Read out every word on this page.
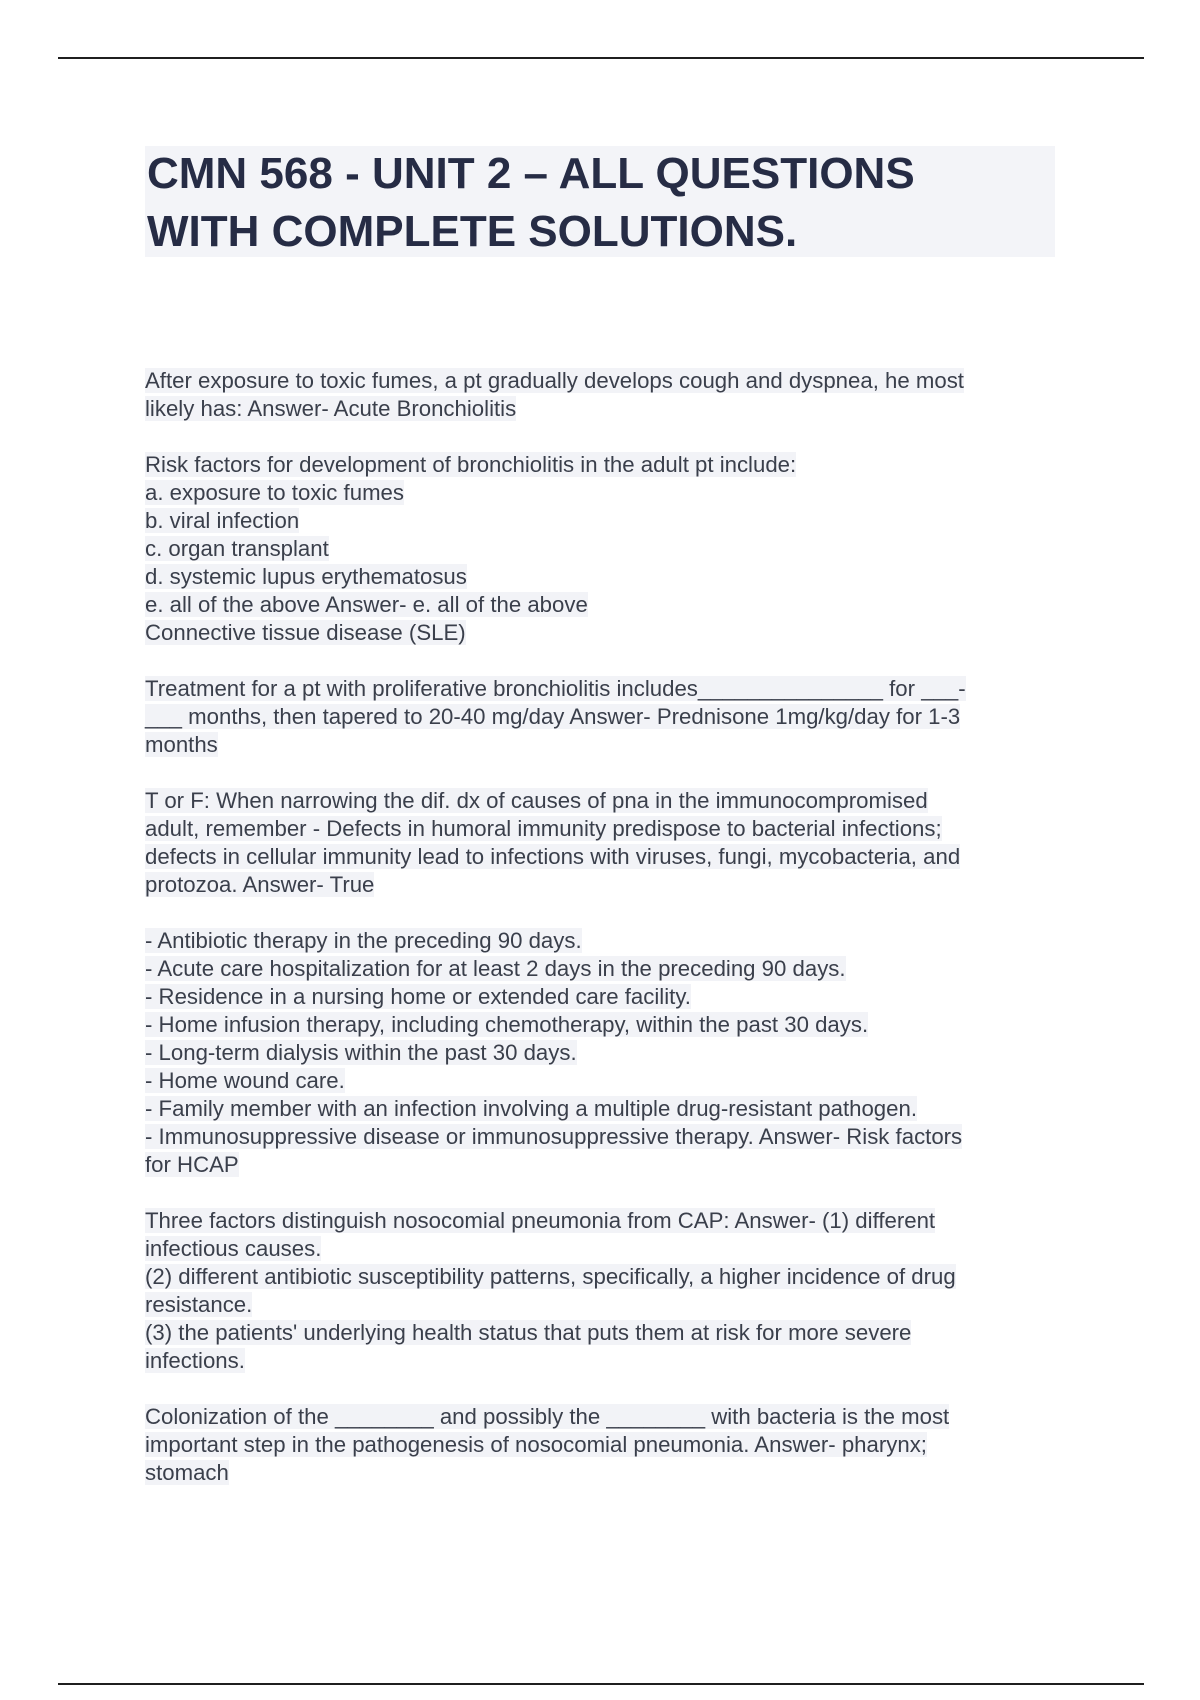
CMN 568 - UNIT 2 – ALL QUESTIONS
WITH COMPLETE SOLUTIONS.
After exposure to toxic fumes, a pt gradually develops cough and dyspnea, he most
likely has: Answer- Acute Bronchiolitis
Risk factors for development of bronchiolitis in the adult pt include:
a. exposure to toxic fumes
b. viral infection
c. organ transplant
d. systemic lupus erythematosus
e. all of the above Answer- e. all of the above
Connective tissue disease (SLE)
Treatment for a pt with proliferative bronchiolitis includes_______________ for ___-
___ months, then tapered to 20-40 mg/day Answer- Prednisone 1mg/kg/day for 1-3
months
T or F: When narrowing the dif. dx of causes of pna in the immunocompromised
adult, remember - Defects in humoral immunity predispose to bacterial infections;
defects in cellular immunity lead to infections with viruses, fungi, mycobacteria, and
protozoa. Answer- True
- Antibiotic therapy in the preceding 90 days.
- Acute care hospitalization for at least 2 days in the preceding 90 days.
- Residence in a nursing home or extended care facility.
- Home infusion therapy, including chemotherapy, within the past 30 days.
- Long-term dialysis within the past 30 days.
- Home wound care.
- Family member with an infection involving a multiple drug-resistant pathogen.
- Immunosuppressive disease or immunosuppressive therapy. Answer- Risk factors
for HCAP
Three factors distinguish nosocomial pneumonia from CAP: Answer- (1) different
infectious causes.
(2) different antibiotic susceptibility patterns, specifically, a higher incidence of drug
resistance.
(3) the patients' underlying health status that puts them at risk for more severe
infections.
Colonization of the ________ and possibly the ________ with bacteria is the most
important step in the pathogenesis of nosocomial pneumonia. Answer- pharynx;
stomach
